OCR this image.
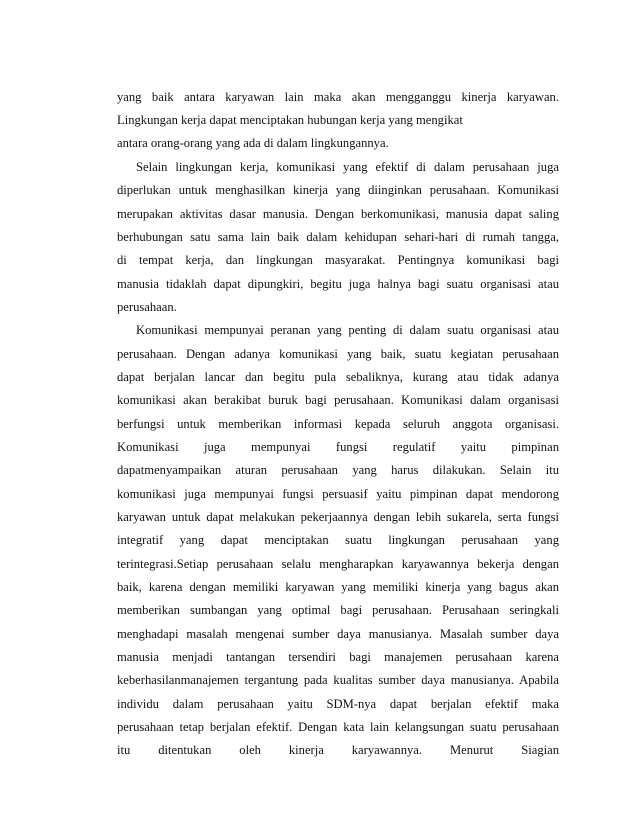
yang baik antara karyawan lain maka akan mengganggu kinerja karyawan.
Lingkungan kerja dapat menciptakan hubungan kerja yang mengikat
antara orang-orang yang ada di dalam lingkungannya.
Selain lingkungan kerja, komunikasi yang efektif di dalam perusahaan juga
diperlukan untuk menghasilkan kinerja yang diinginkan perusahaan. Komunikasi
merupakan aktivitas dasar manusia. Dengan berkomunikasi, manusia dapat saling
berhubungan satu sama lain baik dalam kehidupan sehari-hari di rumah tangga,
di tempat kerja, dan lingkungan masyarakat. Pentingnya komunikasi bagi
manusia tidaklah dapat dipungkiri, begitu juga halnya bagi suatu organisasi atau
perusahaan.
Komunikasi mempunyai peranan yang penting di dalam suatu organisasi atau
perusahaan. Dengan adanya komunikasi yang baik, suatu kegiatan perusahaan
dapat berjalan lancar dan begitu pula sebaliknya, kurang atau tidak adanya
komunikasi akan berakibat buruk bagi perusahaan. Komunikasi dalam organisasi
berfungsi untuk memberikan informasi kepada seluruh anggota organisasi.
Komunikasi juga mempunyai fungsi regulatif yaitu pimpinan
dapatmenyampaikan aturan perusahaan yang harus dilakukan. Selain itu
komunikasi juga mempunyai fungsi persuasif yaitu pimpinan dapat mendorong
karyawan untuk dapat melakukan pekerjaannya dengan lebih sukarela, serta fungsi
integratif yang dapat menciptakan suatu lingkungan perusahaan yang
terintegrasi.Setiap perusahaan selalu mengharapkan karyawannya bekerja dengan
baik, karena dengan memiliki karyawan yang memiliki kinerja yang bagus akan
memberikan sumbangan yang optimal bagi perusahaan. Perusahaan seringkali
menghadapi masalah mengenai sumber daya manusianya. Masalah sumber daya
manusia menjadi tantangan tersendiri bagi manajemen perusahaan karena
keberhasilanmanajemen tergantung pada kualitas sumber daya manusianya. Apabila
individu dalam perusahaan yaitu SDM-nya dapat berjalan efektif maka
perusahaan tetap berjalan efektif. Dengan kata lain kelangsungan suatu perusahaan
itu ditentukan oleh kinerja karyawannya. Menurut Siagian
